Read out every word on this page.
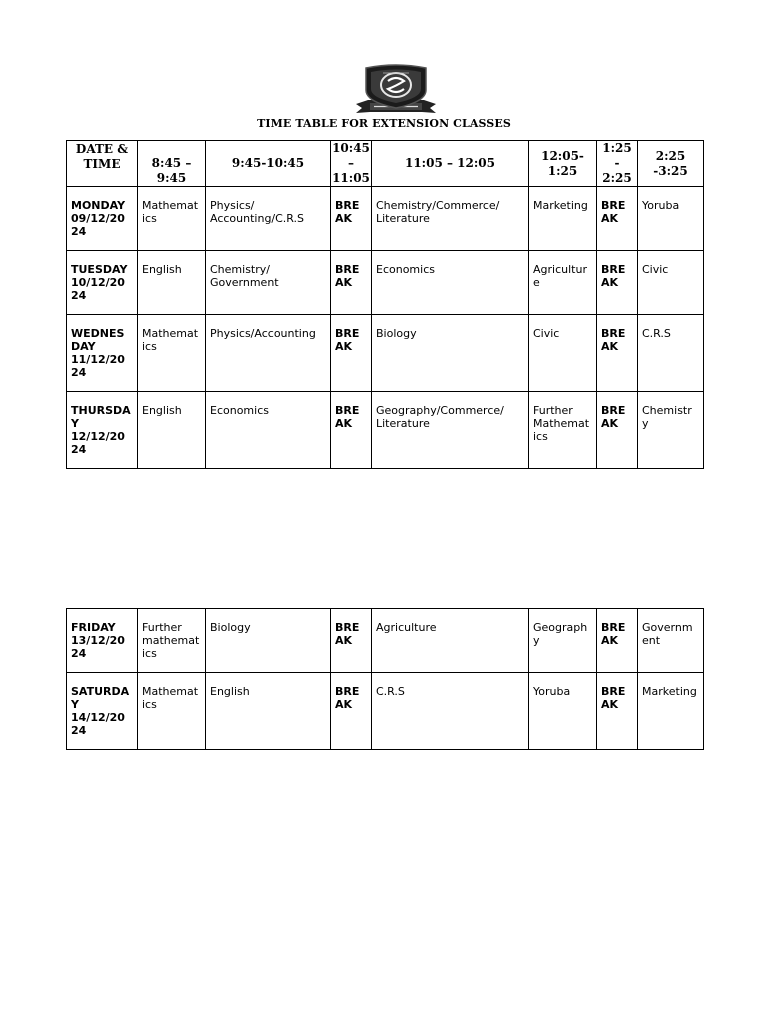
TIME TABLE FOR EXTENSION CLASSES
DATE &
TIME	8:45 –
9:45	9:45-10:45	10:45
–
11:05	11:05 – 12:05	12:05-1:25	1:25
-
2:25	2:25 -3:25

MONDAY
09/12/20
24	Mathemat
ics	Physics/
Accounting/C.R.S	BRE
AK	Chemistry/Commerce/
Literature	Marketing	BRE
AK	Yoruba

TUESDAY
10/12/20
24	English	Chemistry/
Government	BRE
AK	Economics	Agricultur
e	BRE
AK	Civic

WEDNES
DAY
11/12/20
24	Mathemat
ics	Physics/Accounting	BRE
AK	Biology	Civic	BRE
AK	C.R.S

THURSDA
Y
12/12/20
24	English	Economics	BRE
AK	Geography/Commerce/
Literature	Further
Mathemat
ics	BRE
AK	Chemistr
y
FRIDAY
13/12/20
24	Further
mathemat
ics	Biology	BRE
AK	Agriculture	Geograph
y	BRE
AK	Governm
ent

SATURDA
Y
14/12/20
24	Mathemat
ics	English	BRE
AK	C.R.S	Yoruba	BRE
AK	Marketing
